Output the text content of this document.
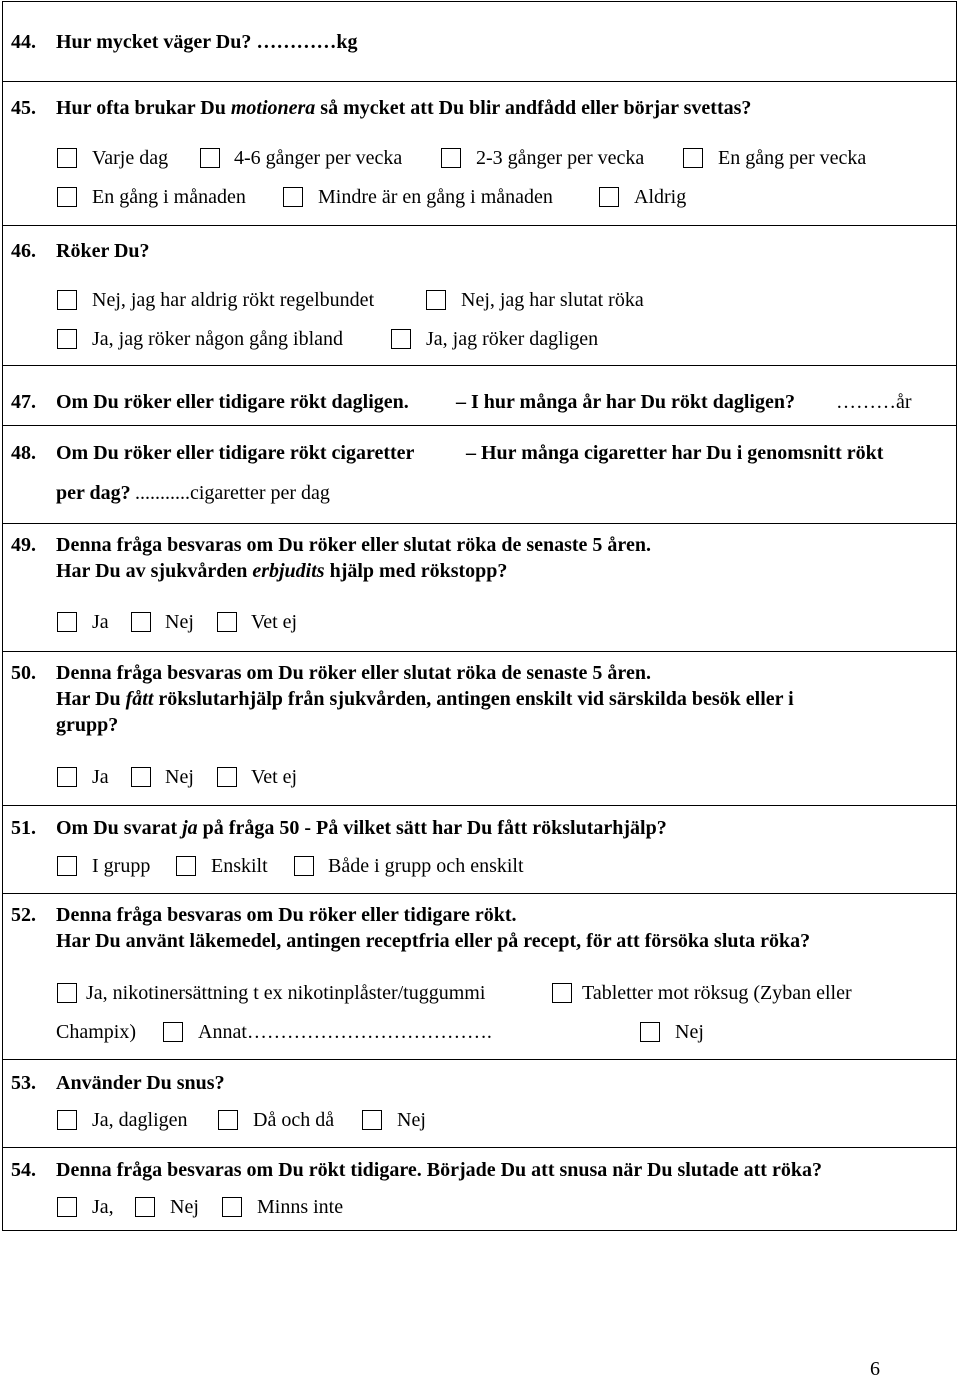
44. Hur mycket väger Du? …………kg
45. Hur ofta brukar Du motionera så mycket att Du blir andfådd eller börjar svettas?
Varje dag	4-6 gånger per vecka	2-3 gånger per vecka	En gång per vecka
En gång i månaden	Mindre är en gång i månaden	Aldrig
46. Röker Du?
Nej, jag har aldrig rökt regelbundet	Nej, jag har slutat röka
Ja, jag röker någon gång ibland	Ja, jag röker dagligen
47. Om Du röker eller tidigare rökt dagligen. – I hur många år har Du rökt dagligen? ………år
48. Om Du röker eller tidigare rökt cigaretter	– Hur många cigaretter har Du i genomsnitt rökt
per dag? ...........cigaretter per dag
49. Denna fråga besvaras om Du röker eller slutat röka de senaste 5 åren.
Har Du av sjukvården erbjudits hjälp med rökstopp?
Ja	Nej	Vet ej
50. Denna fråga besvaras om Du röker eller slutat röka de senaste 5 åren.
Har Du fått rökslutarhjälp från sjukvården, antingen enskilt vid särskilda besök eller i
grupp?
Ja	Nej	Vet ej
51. Om Du svarat ja på fråga 50 - På vilket sätt har Du fått rökslutarhjälp?
I grupp	Enskilt	Både i grupp och enskilt
52. Denna fråga besvaras om Du röker eller tidigare rökt.
Har Du använt läkemedel, antingen receptfria eller på recept, för att försöka sluta röka?
Ja, nikotinersättning t ex nikotinplåster/tuggummi	Tabletter mot röksug (Zyban eller
Champix)	Annat……………………………….	Nej
53. Använder Du snus?
Ja, dagligen	Då och då	Nej
54. Denna fråga besvaras om Du rökt tidigare. Började Du att snusa när Du slutade att röka?
Ja,	Nej	Minns inte
6
